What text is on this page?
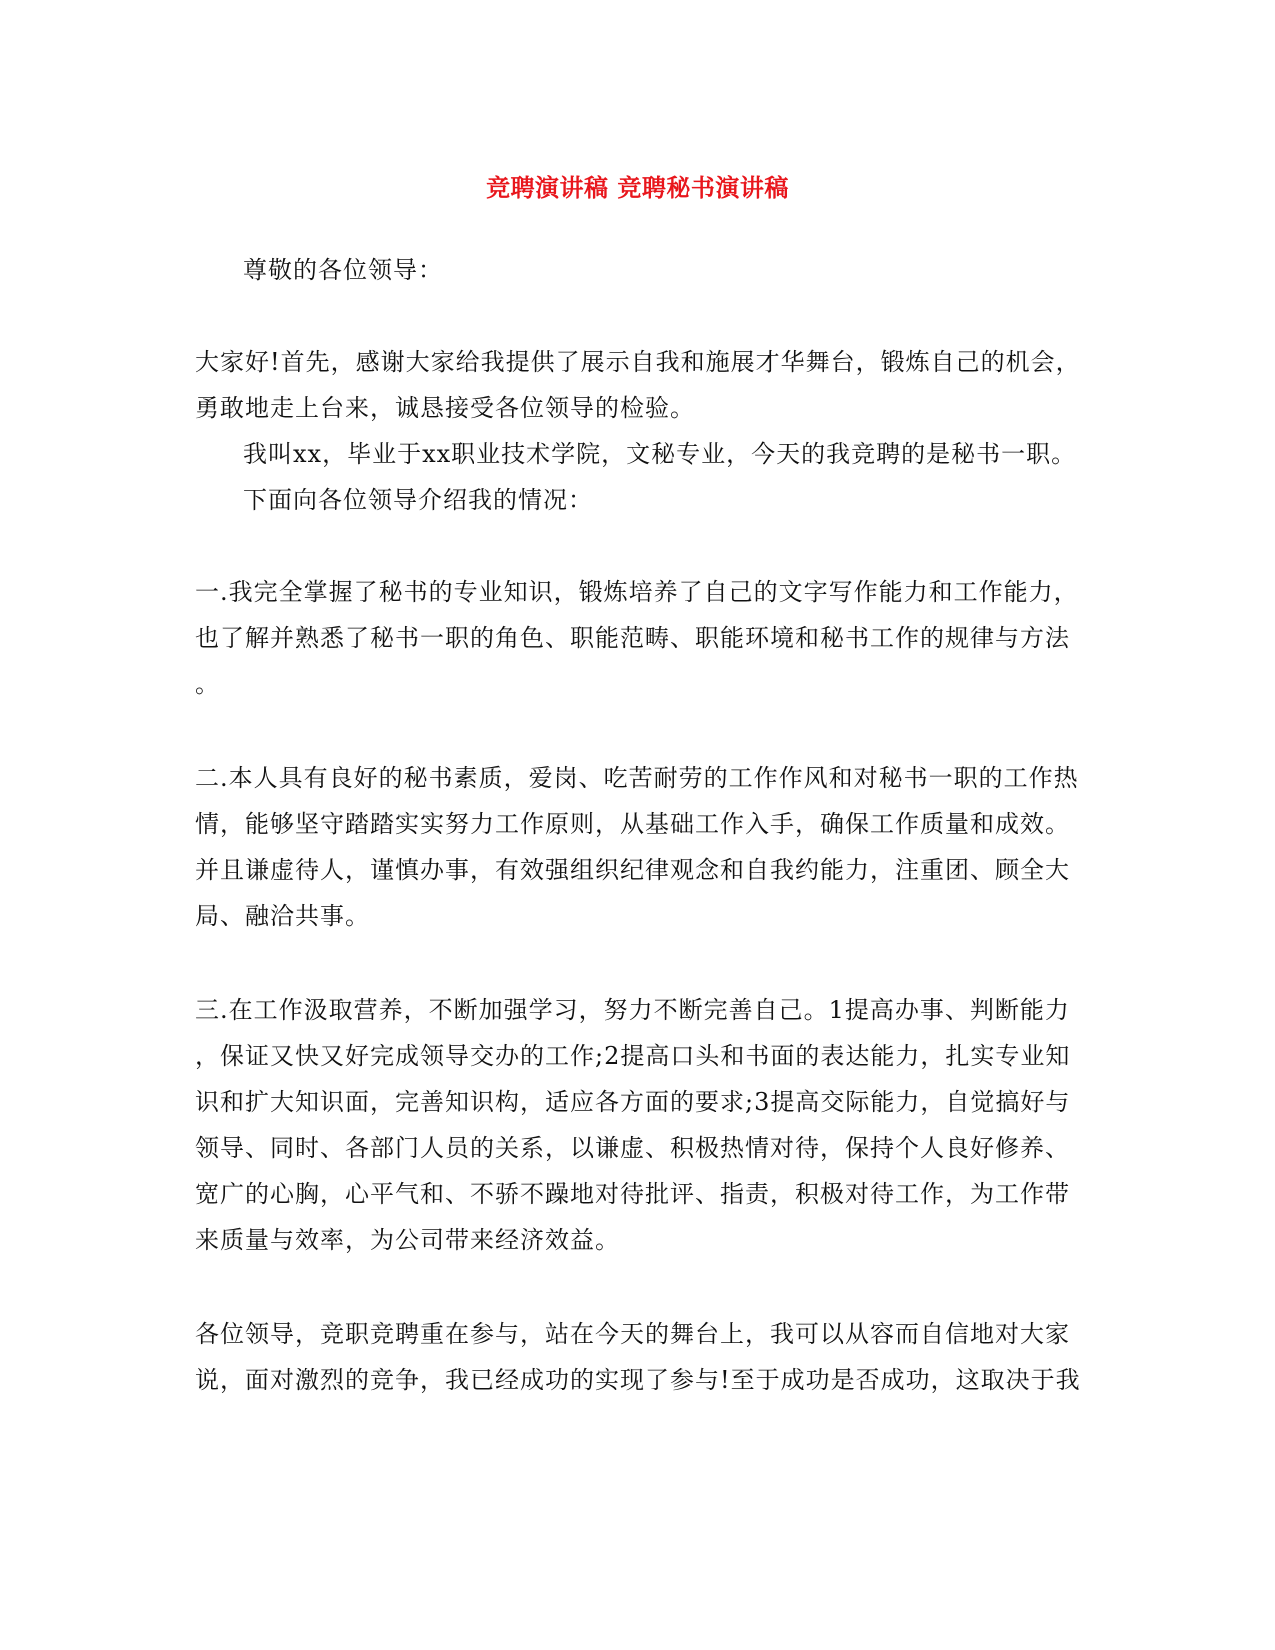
竞聘演讲稿 竞聘秘书演讲稿
尊敬的各位领导：
大家好!首先，感谢大家给我提供了展示自我和施展才华舞台，锻炼自己的机会，
勇敢地走上台来，诚恳接受各位领导的检验。
我叫xx，毕业于xx职业技术学院，文秘专业，今天的我竞聘的是秘书一职。
下面向各位领导介绍我的情况：
一.我完全掌握了秘书的专业知识，锻炼培养了自己的文字写作能力和工作能力，
也了解并熟悉了秘书一职的角色、职能范畴、职能环境和秘书工作的规律与方法
。
二.本人具有良好的秘书素质，爱岗、吃苦耐劳的工作作风和对秘书一职的工作热
情，能够坚守踏踏实实努力工作原则，从基础工作入手，确保工作质量和成效。
并且谦虚待人，谨慎办事，有效强组织纪律观念和自我约能力，注重团、顾全大
局、融洽共事。
三.在工作汲取营养，不断加强学习，努力不断完善自己。1提高办事、判断能力
，保证又快又好完成领导交办的工作;2提高口头和书面的表达能力，扎实专业知
识和扩大知识面，完善知识构，适应各方面的要求;3提高交际能力，自觉搞好与
领导、同时、各部门人员的关系，以谦虚、积极热情对待，保持个人良好修养、
宽广的心胸，心平气和、不骄不躁地对待批评、指责，积极对待工作，为工作带
来质量与效率，为公司带来经济效益。
各位领导，竞职竞聘重在参与，站在今天的舞台上，我可以从容而自信地对大家
说，面对激烈的竞争，我已经成功的实现了参与!至于成功是否成功，这取决于我
